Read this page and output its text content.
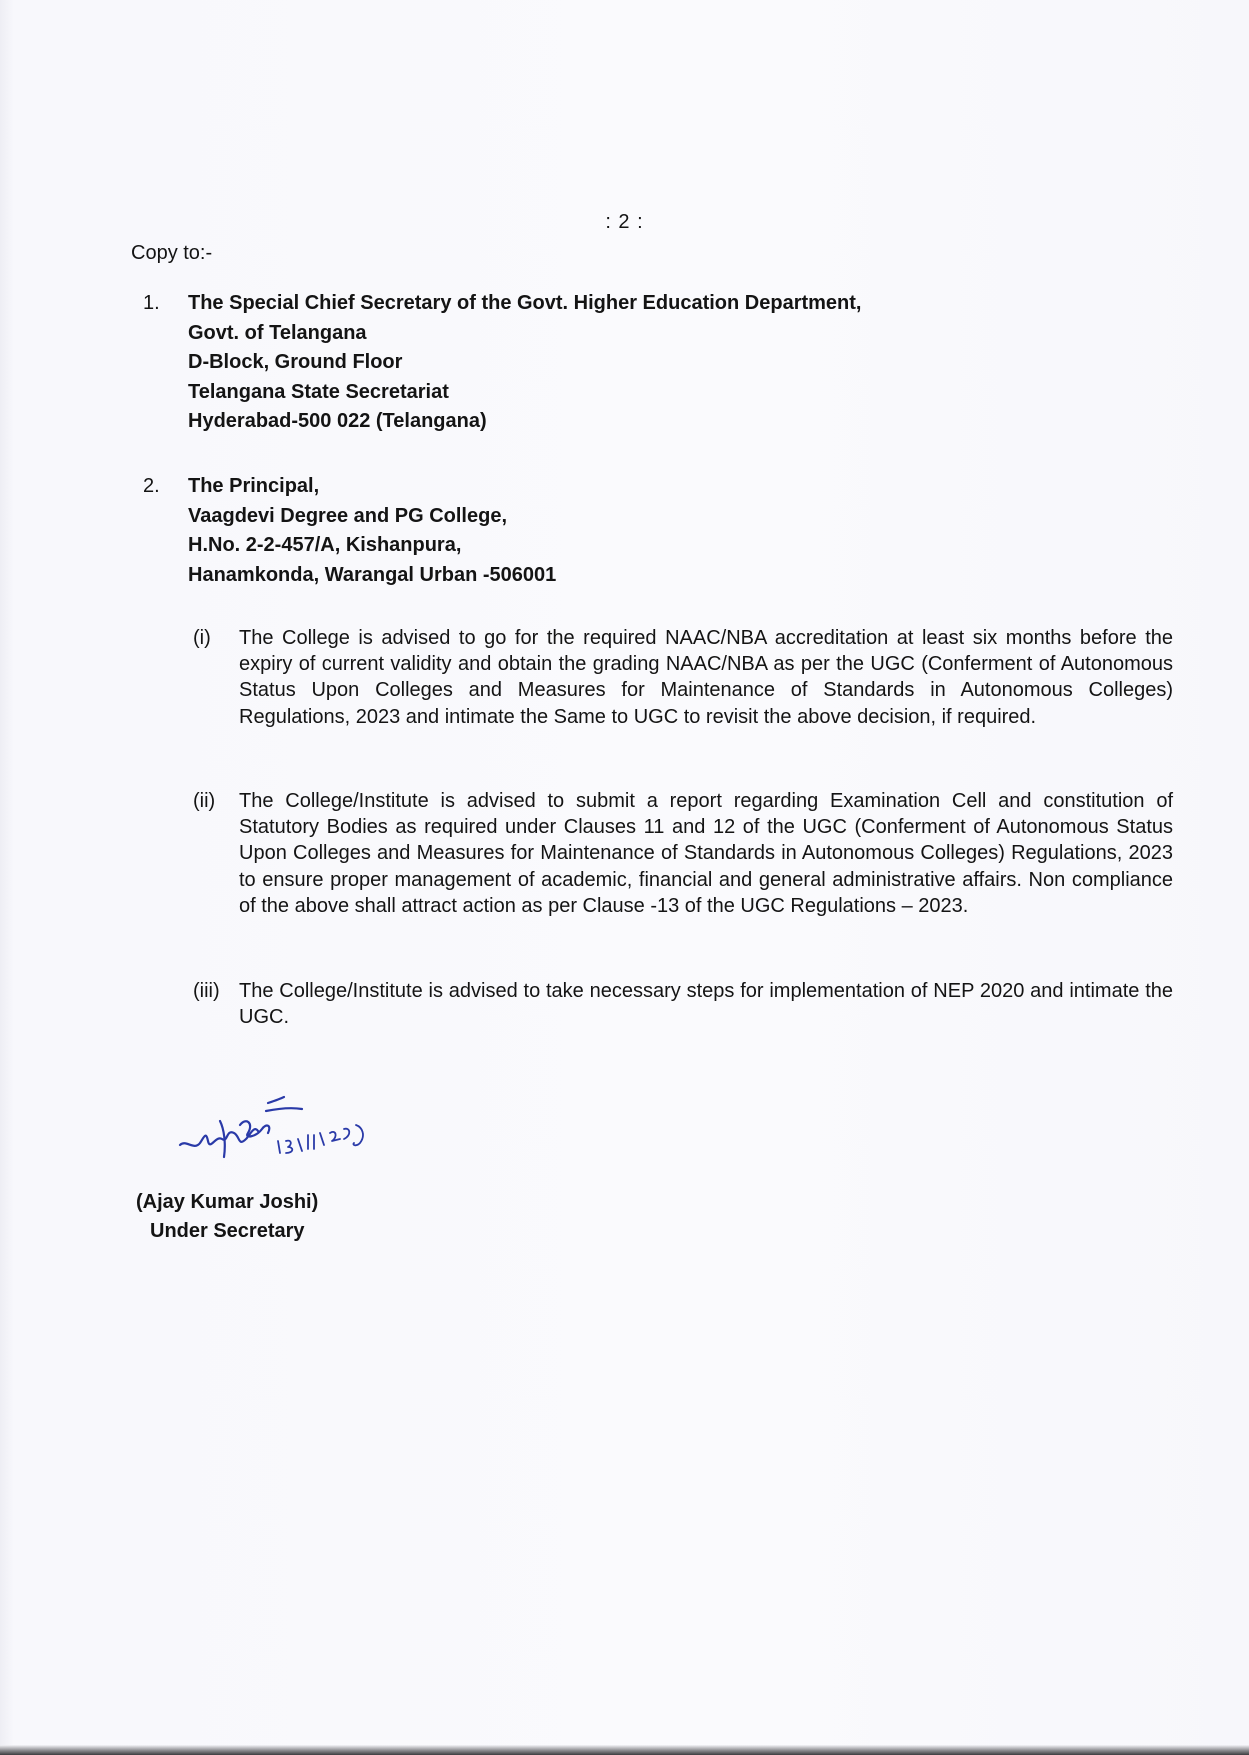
: 2 :
Copy to:-
1. The Special Chief Secretary of the Govt. Higher Education Department,
Govt. of Telangana
D-Block, Ground Floor
Telangana State Secretariat
Hyderabad-500 022 (Telangana)
2. The Principal,
Vaagdevi Degree and PG College,
H.No. 2-2-457/A, Kishanpura,
Hanamkonda, Warangal Urban -506001
(i)	The College is advised to go for the required NAAC/NBA accreditation at least six months before the expiry of current validity and obtain the grading NAAC/NBA as per the UGC (Conferment of Autonomous Status Upon Colleges and Measures for Maintenance of Standards in Autonomous Colleges) Regulations, 2023 and intimate the Same to UGC to revisit the above decision, if required.
(ii)	The College/Institute is advised to submit a report regarding Examination Cell and constitution of Statutory Bodies as required under Clauses 11 and 12 of the UGC (Conferment of Autonomous Status Upon Colleges and Measures for Maintenance of Standards in Autonomous Colleges) Regulations, 2023 to ensure proper management of academic, financial and general administrative affairs. Non compliance of the above shall attract action as per Clause -13 of the UGC Regulations – 2023.
(iii) The College/Institute is advised to take necessary steps for implementation of NEP 2020 and intimate the UGC.
(Ajay Kumar Joshi)
Under Secretary
